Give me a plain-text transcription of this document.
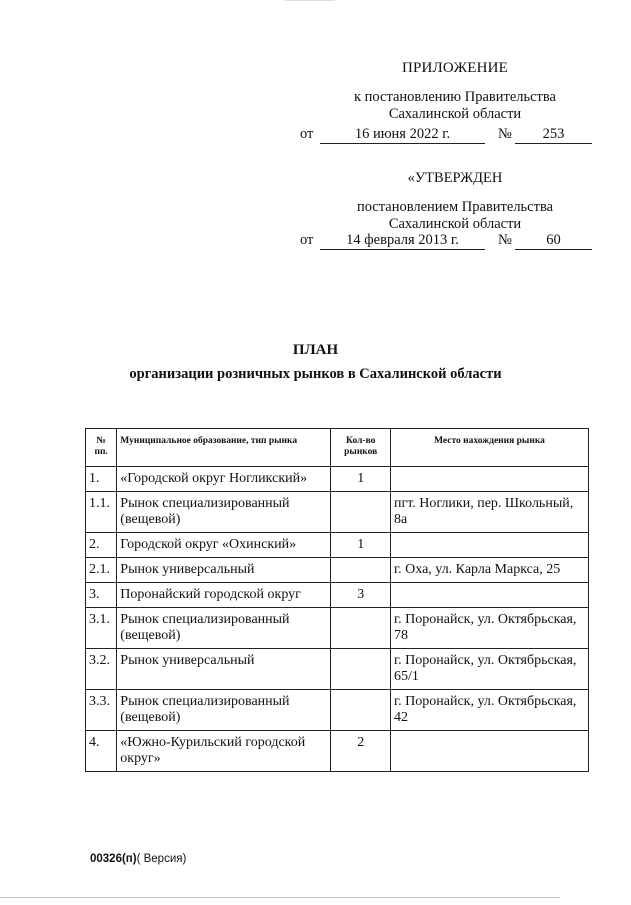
ПРИЛОЖЕНИЕ
к постановлению Правительства
Сахалинской области
от	16 июня 2022 г.	№	253
«УТВЕРЖДЕН
постановлением Правительства
Сахалинской области
от	14 февраля 2013 г.	№	60
ПЛАН
организации розничных рынков в Сахалинской области
№ пп.	Муниципальное образование, тип рынка	Кол-во рынков	Место нахождения рынка
1.	«Городской округ Ногликский»	1	
1.1.	Рынок специализированный (вещевой)		пгт. Ноглики, пер. Школьный, 8а
2.	Городской округ «Охинский»	1	
2.1.	Рынок универсальный		г. Оха, ул. Карла Маркса, 25
3.	Поронайский городской округ	3	
3.1.	Рынок специализированный (вещевой)		г. Поронайск, ул. Октябрьская, 78
3.2.	Рынок универсальный		г. Поронайск, ул. Октябрьская, 65/1
3.3.	Рынок специализированный (вещевой)		г. Поронайск, ул. Октябрьская, 42
4.	«Южно-Курильский городской округ»	2	
00326(п)( Версия)
